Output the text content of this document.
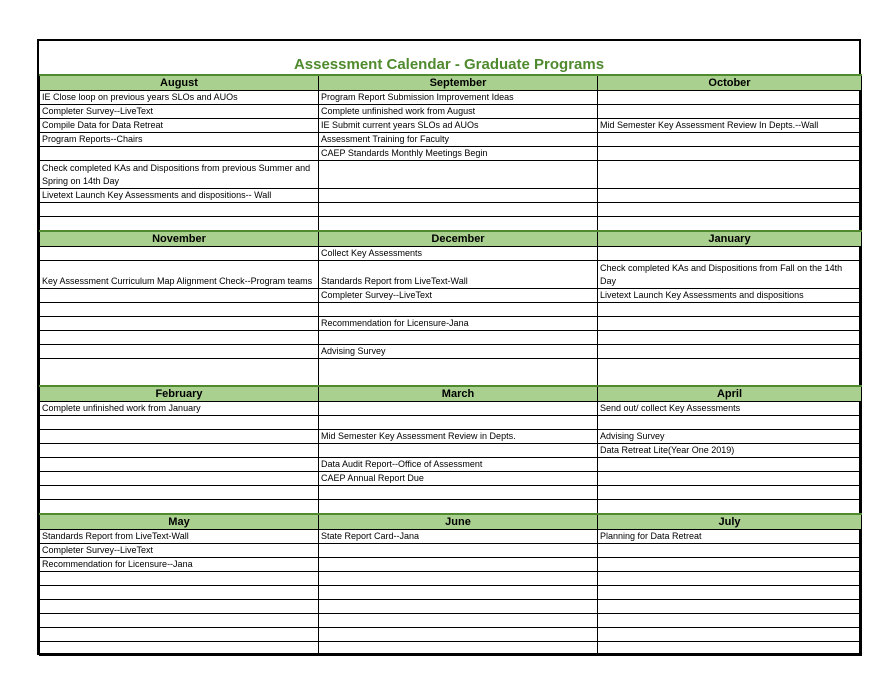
Assessment Calendar - Graduate Programs
August	September	October
IE Close loop on previous years SLOs and AUOs	Program Report Submission Improvement Ideas	
Completer Survey--LiveText	Complete unfinished work from August	
Compile Data for Data Retreat	IE Submit current years SLOs ad AUOs	Mid Semester Key Assessment Review In Depts.--Wall
Program Reports--Chairs	Assessment Training for Faculty	
	CAEP Standards Monthly Meetings Begin	
Check completed KAs and Dispositions from previous Summer and Spring on 14th Day		
Livetext Launch Key Assessments and dispositions-- Wall		

November	December	January
	Collect Key Assessments	
Key Assessment Curriculum Map Alignment Check--Program teams	Standards Report from LiveText-Wall	Check completed KAs and Dispositions from Fall on the 14th Day
	Completer Survey--LiveText	Livetext Launch Key Assessments and dispositions

	Recommendation for Licensure-Jana	

	Advising Survey	

February	March	April
Complete unfinished work from January		Send out/ collect Key Assessments

	Mid Semester Key Assessment Review in Depts.	Advising Survey
		Data Retreat Lite(Year One 2019)
	Data Audit Report--Office of Assessment	
	CAEP Annual Report Due	

May	June	July
Standards Report from LiveText-Wall	State Report Card--Jana	Planning for Data Retreat
Completer Survey--LiveText		
Recommendation for Licensure--Jana		
